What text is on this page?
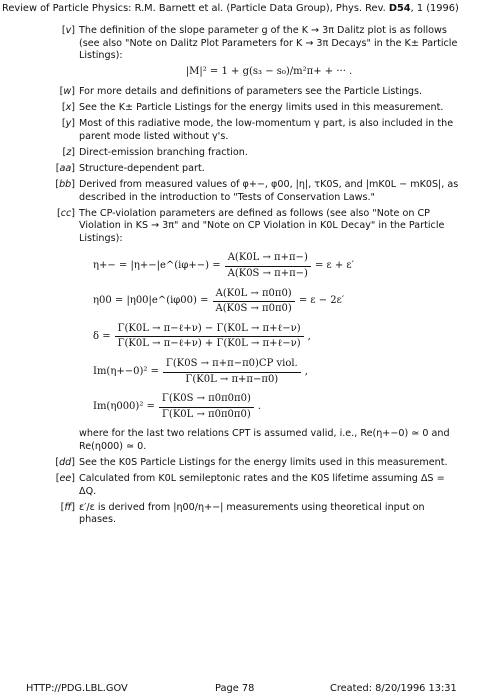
Review of Particle Physics: R.M. Barnett et al. (Particle Data Group), Phys. Rev. D54, 1 (1996)
[v] The definition of the slope parameter g of the K → 3π Dalitz plot is as follows (see also "Note on Dalitz Plot Parameters for K → 3π Decays" in the K± Particle Listings):
|M|² = 1 + g(s₃ − s₀)/m²π+ + ··· .
[w] For more details and definitions of parameters see the Particle Listings.
[x] See the K± Particle Listings for the energy limits used in this measurement.
[y] Most of this radiative mode, the low-momentum γ part, is also included in the parent mode listed without γ's.
[z] Direct-emission branching fraction.
[aa] Structure-dependent part.
[bb] Derived from measured values of φ+−, φ00, |η|, τK0S, and |mK0L − mK0S|, as described in the introduction to "Tests of Conservation Laws."
[cc] The CP-violation parameters are defined as follows (see also "Note on CP Violation in KS → 3π" and "Note on CP Violation in K0L Decay" in the Particle Listings):
η+− = |η+−|e^(iφ+−) = $\frac{A(K0L \to \pi+\pi-)}{A(K0S \to \pi+\pi-)} = \varepsilon + \varepsilon'$
η00 = |η00|e^(iφ00) = $\frac{A(K0L \to \pi 0\pi 0)}{A(K0S \to \pi 0\pi 0)} = \varepsilon - 2\varepsilon'$
$\delta = \frac{\text{Γ(K0L → π−ℓ+ν) − Γ(K0L → π+ℓ−ν)}}{\text{Γ(K0L → π−ℓ+ν) + Γ(K0L → π+ℓ−ν)}}$ ,
$Im(\eta+-0)^2 = \frac{\text{Γ(K0S → π+π−π0)CP viol.}}{\Gamma(K0L \to \pi+\pi-\pi 0)}$ ,
$Im(\eta 000)^2 = \frac{\Gamma(K0S \to \pi 0\pi 0\pi 0)}{\Gamma(K0L \to \pi 0\pi 0\pi 0)}$ .
where for the last two relations CPT is assumed valid, i.e., Re(η+−0) ≃ 0 and Re(η000) ≃ 0.
[dd] See the K0S Particle Listings for the energy limits used in this measurement.
[ee] Calculated from K0L semileptonic rates and the K0S lifetime assuming ΔS = ΔQ.
[ff] ε′/ε is derived from |η00/η+−| measurements using theoretical input on phases.
HTTP://PDG.LBL.GOV	Page 78	Created: 8/20/1996 13:31
